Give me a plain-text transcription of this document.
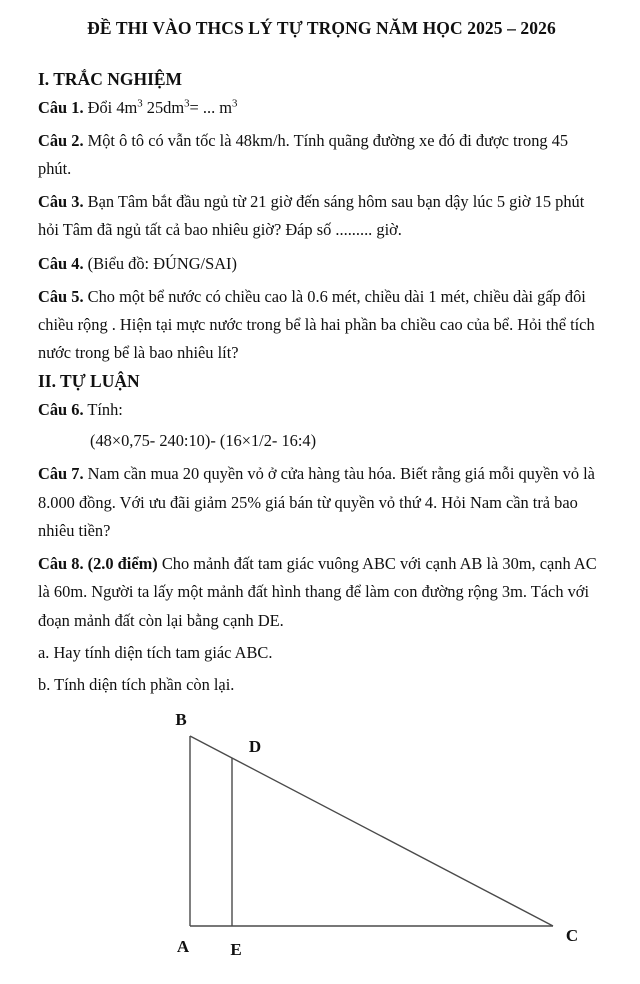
ĐỀ THI VÀO THCS LÝ TỰ TRỌNG NĂM HỌC 2025 – 2026
I. TRẮC NGHIỆM
Câu 1. Đổi $4m^3$ $25dm^3=$ ... $m^3$
Câu 2. Một ô tô có vẫn tốc là 48km/h. Tính quãng đường xe đó đi được trong 45 phút.
Câu 3. Bạn Tâm bắt đầu ngủ từ 21 giờ đến sáng hôm sau bạn dậy lúc 5 giờ 15 phút hỏi Tâm đã ngủ tất cả bao nhiêu giờ? Đáp số ......... giờ.
Câu 4. (Biểu đồ: ĐÚNG/SAI)
Câu 5. Cho một bể nước có chiều cao là 0.6 mét, chiều dài 1 mét, chiều dài gấp đôi chiều rộng . Hiện tại mực nước trong bể là hai phần ba chiều cao của bể. Hỏi thể tích nước trong bể là bao nhiêu lít?
II. TỰ LUẬN
Câu 6. Tính:
(48×0,75- 240:10)- (16×1/2- 16:4)
Câu 7. Nam cần mua 20 quyền vỏ ở cửa hàng tàu hóa. Biết rằng giá mỗi quyền vỏ là 8.000 đồng. Với ưu đãi giảm 25% giá bán từ quyền vỏ thứ 4. Hỏi Nam cần trả bao nhiêu tiền?
Câu 8. (2.0 điểm) Cho mảnh đất tam giác vuông ABC với cạnh AB là 30m, cạnh AC là 60m. Người ta lấy một mảnh đất hình thang để làm con đường rộng 3m. Tách với đoạn mảnh đất còn lại bằng cạnh DE.
a. Hay tính diện tích tam giác ABC.
b. Tính diện tích phần còn lại.
B
D
A E
C
